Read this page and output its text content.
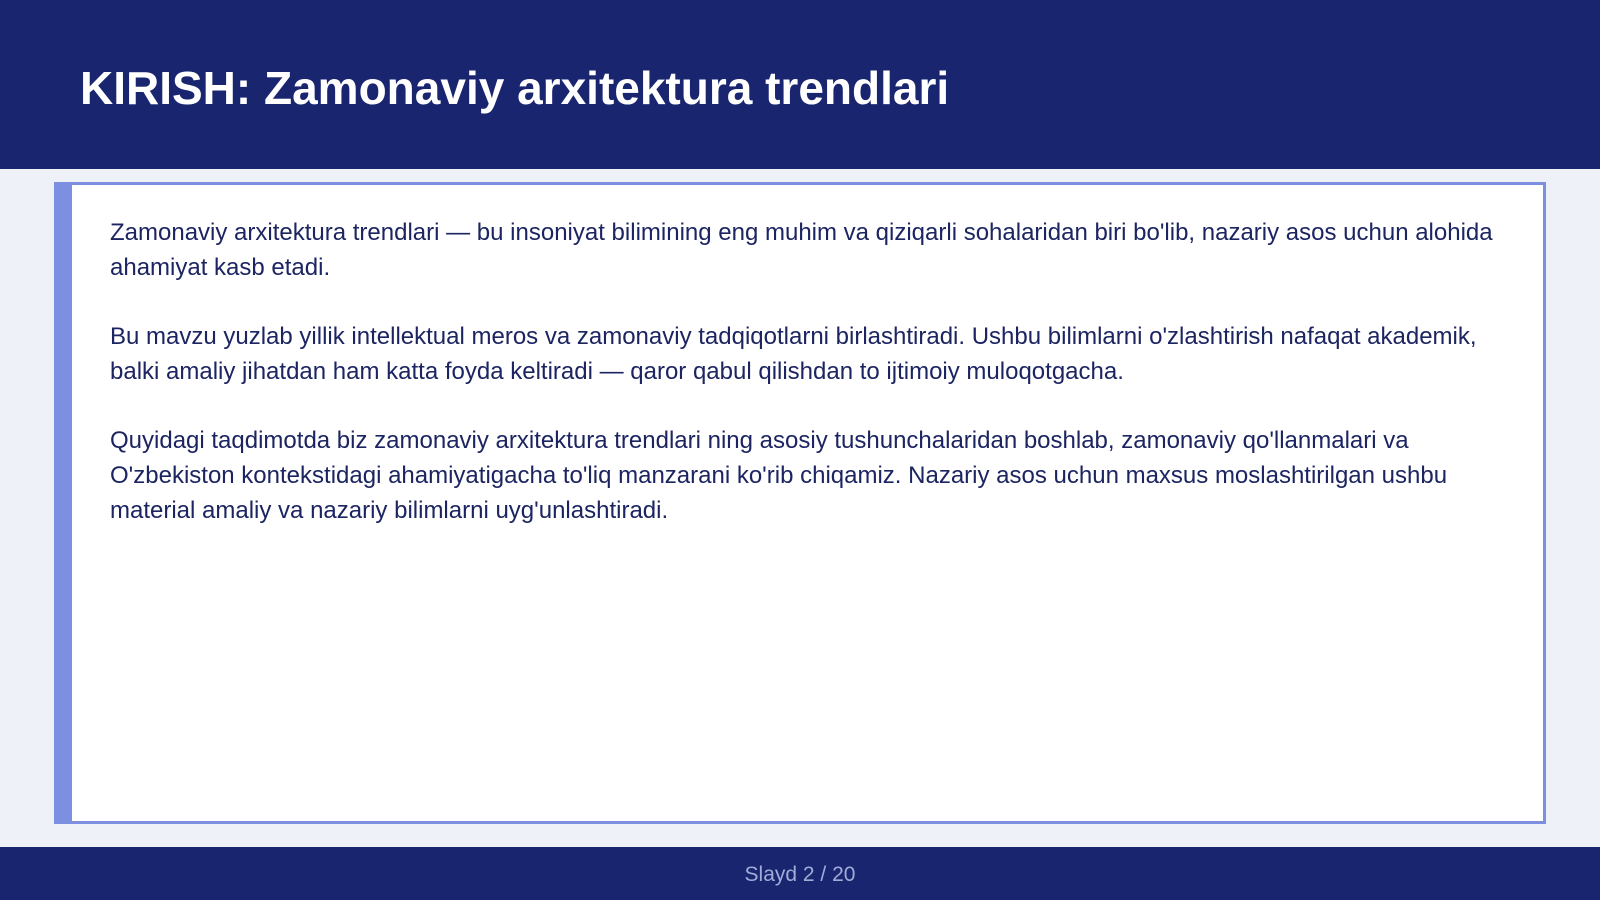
KIRISH: Zamonaviy arxitektura trendlari

Zamonaviy arxitektura trendlari — bu insoniyat bilimining eng muhim va qiziqarli sohalaridan biri bo'lib, nazariy asos uchun alohida ahamiyat kasb etadi.

Bu mavzu yuzlab yillik intellektual meros va zamonaviy tadqiqotlarni birlashtiradi. Ushbu bilimlarni o'zlashtirish nafaqat akademik, balki amaliy jihatdan ham katta foyda keltiradi — qaror qabul qilishdan to ijtimoiy muloqotgacha.

Quyidagi taqdimotda biz zamonaviy arxitektura trendlari ning asosiy tushunchalaridan boshlab, zamonaviy qo'llanmalari va O'zbekiston kontekstidagi ahamiyatigacha to'liq manzarani ko'rib chiqamiz. Nazariy asos uchun maxsus moslashtirilgan ushbu material amaliy va nazariy bilimlarni uyg'unlashtiradi.

Slayd 2 / 20
